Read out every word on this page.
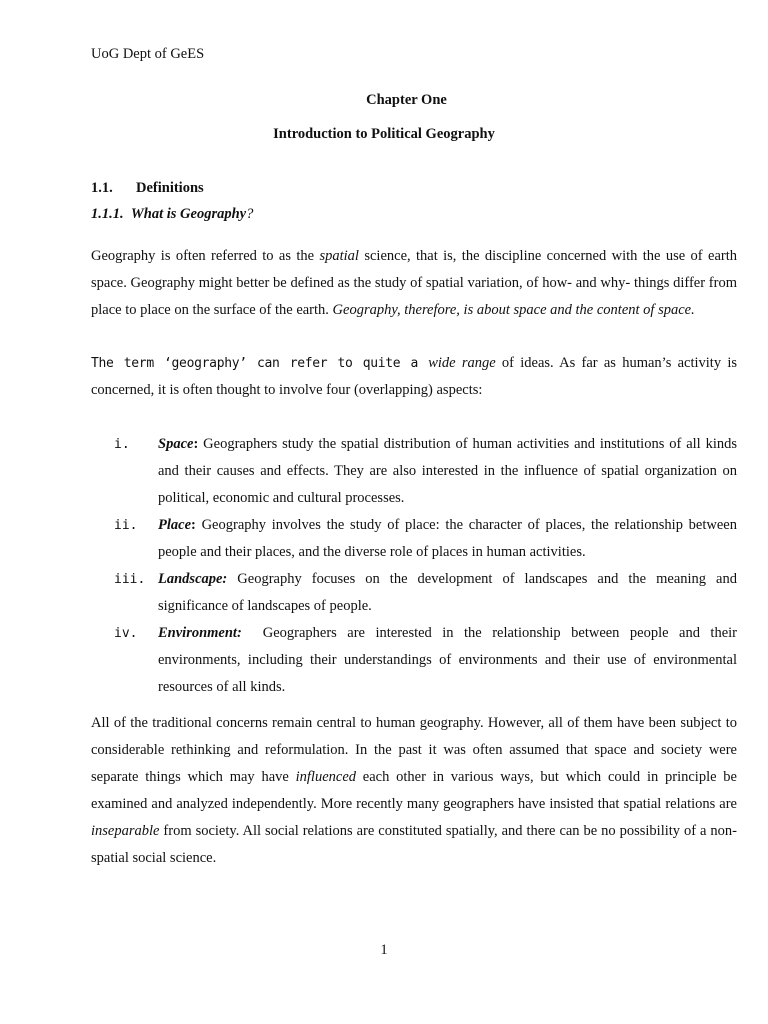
UoG Dept of GeES
Chapter One
Introduction to Political Geography
1.1. Definitions
1.1.1. What is Geography?

Geography is often referred to as the spatial science, that is, the discipline concerned with the use of earth space. Geography might better be defined as the study of spatial variation, of how- and why- things differ from place to place on the surface of the earth. Geography, therefore, is about space and the content of space.

The term ‘geography’ can refer to quite a wide range of ideas. As far as human’s activity is concerned, it is often thought to involve four (overlapping) aspects:

i. Space: Geographers study the spatial distribution of human activities and institutions of all kinds and their causes and effects. They are also interested in the influence of spatial organization on political, economic and cultural processes.
ii. Place: Geography involves the study of place: the character of places, the relationship between people and their places, and the diverse role of places in human activities.
iii. Landscape: Geography focuses on the development of landscapes and the meaning and significance of landscapes of people.
iv. Environment:  Geographers are interested in the relationship between people and their environments, including their understandings of environments and their use of environmental resources of all kinds.

All of the traditional concerns remain central to human geography. However, all of them have been subject to considerable rethinking and reformulation. In the past it was often assumed that space and society were separate things which may have influenced each other in various ways, but which could in principle be examined and analyzed independently. More recently many geographers have insisted that spatial relations are inseparable from society. All social relations are constituted spatially, and there can be no possibility of a non-spatial social science.

1
